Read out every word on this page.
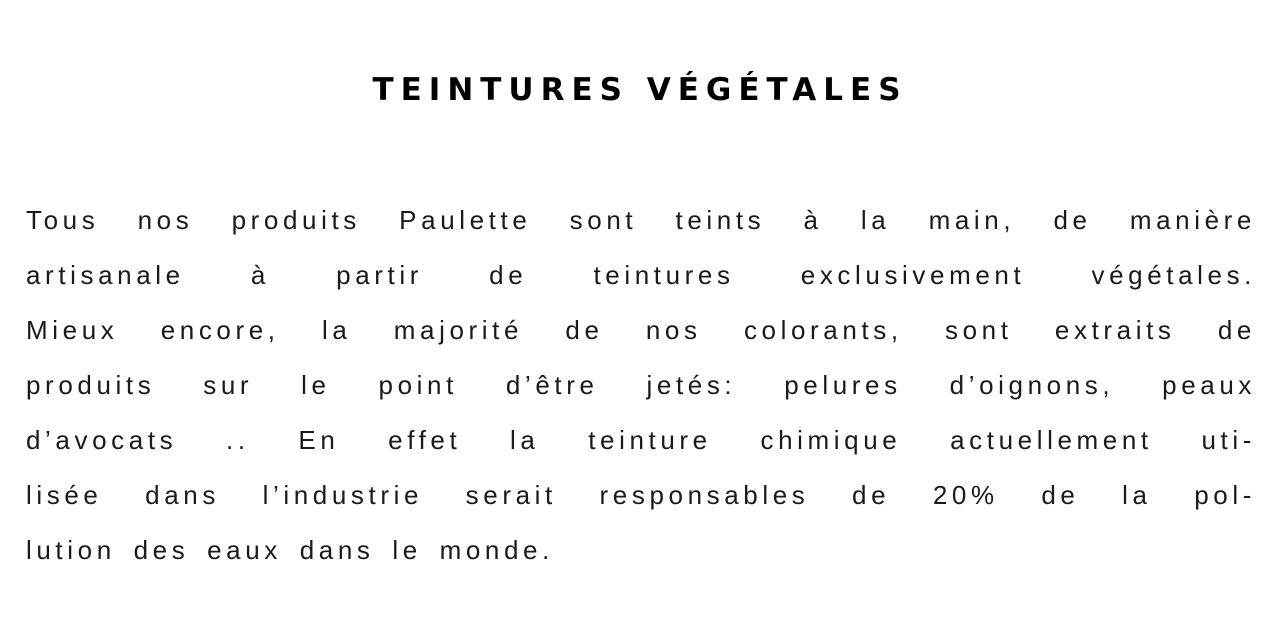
TEINTURES VÉGÉTALES
Tous nos produits Paulette sont teints à la main, de manière
artisanale à partir de teintures exclusivement végétales.
Mieux encore, la majorité de nos colorants, sont extraits de
produits sur le point d’être jetés: pelures d’oignons, peaux
d’avocats .. En effet la teinture chimique actuellement uti-
lisée dans l’industrie serait responsables de 20% de la pol-
lution des eaux dans le monde.
